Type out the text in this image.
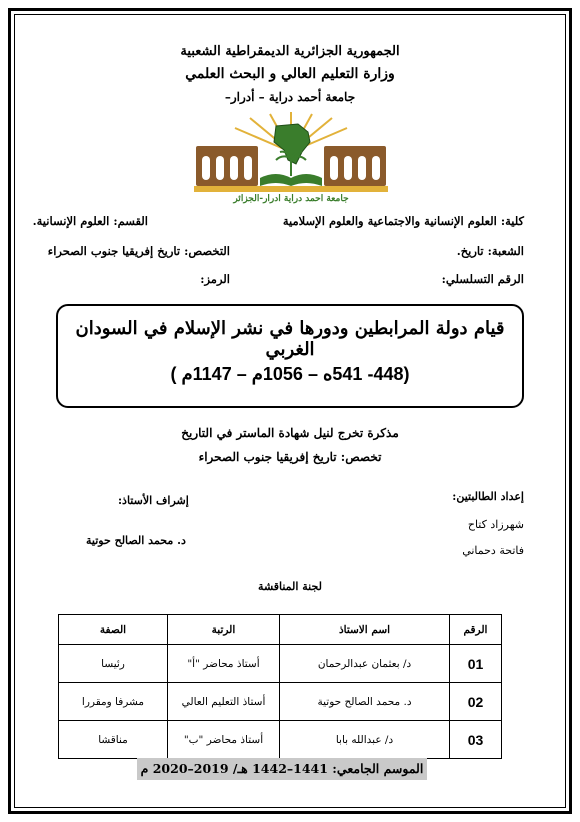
الجمهورية الجزائرية الديمقراطية الشعبية
وزارة التعليم العالي و البحث العلمي
جامعة أحمد دراية – أدرار–
جامعة احمد دراية ادرار-الجزائر
كلية: العلوم الإنسانية والاجتماعية والعلوم الإسلامية
القسم: العلوم الإنسانية.
الشعبة: تاريخ.
التخصص: تاريخ إفريقيا جنوب الصحراء
الرقم التسلسلي:
الرمز:
قيام دولة المرابطين ودورها في نشر الإسلام في السودان الغربي
(448- 541ه – 1056م – 1147م )
مذكرة تخرج لنيل شهادة الماستر في التاريخ
تخصص: تاريخ إفريقيا جنوب الصحراء
إعداد الطالبتين:
شهرزاد كتاح
فاتحة دحماني
إشراف الأستاذ:
د. محمد الصالح حوتية
لجنة المناقشة
الرقم	اسم الاستاذ	الرتبة	الصفة
01	د/ بعثمان عبدالرحمان	أستاذ محاضر "أ"	رئيسا
02	د. محمد الصالح حوتية	أستاذ التعليم العالي	مشرفا ومقررا
03	د/ عبدالله بابا	أستاذ محاضر "ب"	مناقشا
الموسم الجامعي: 1441–1442 هـ/ 2019–2020 م
